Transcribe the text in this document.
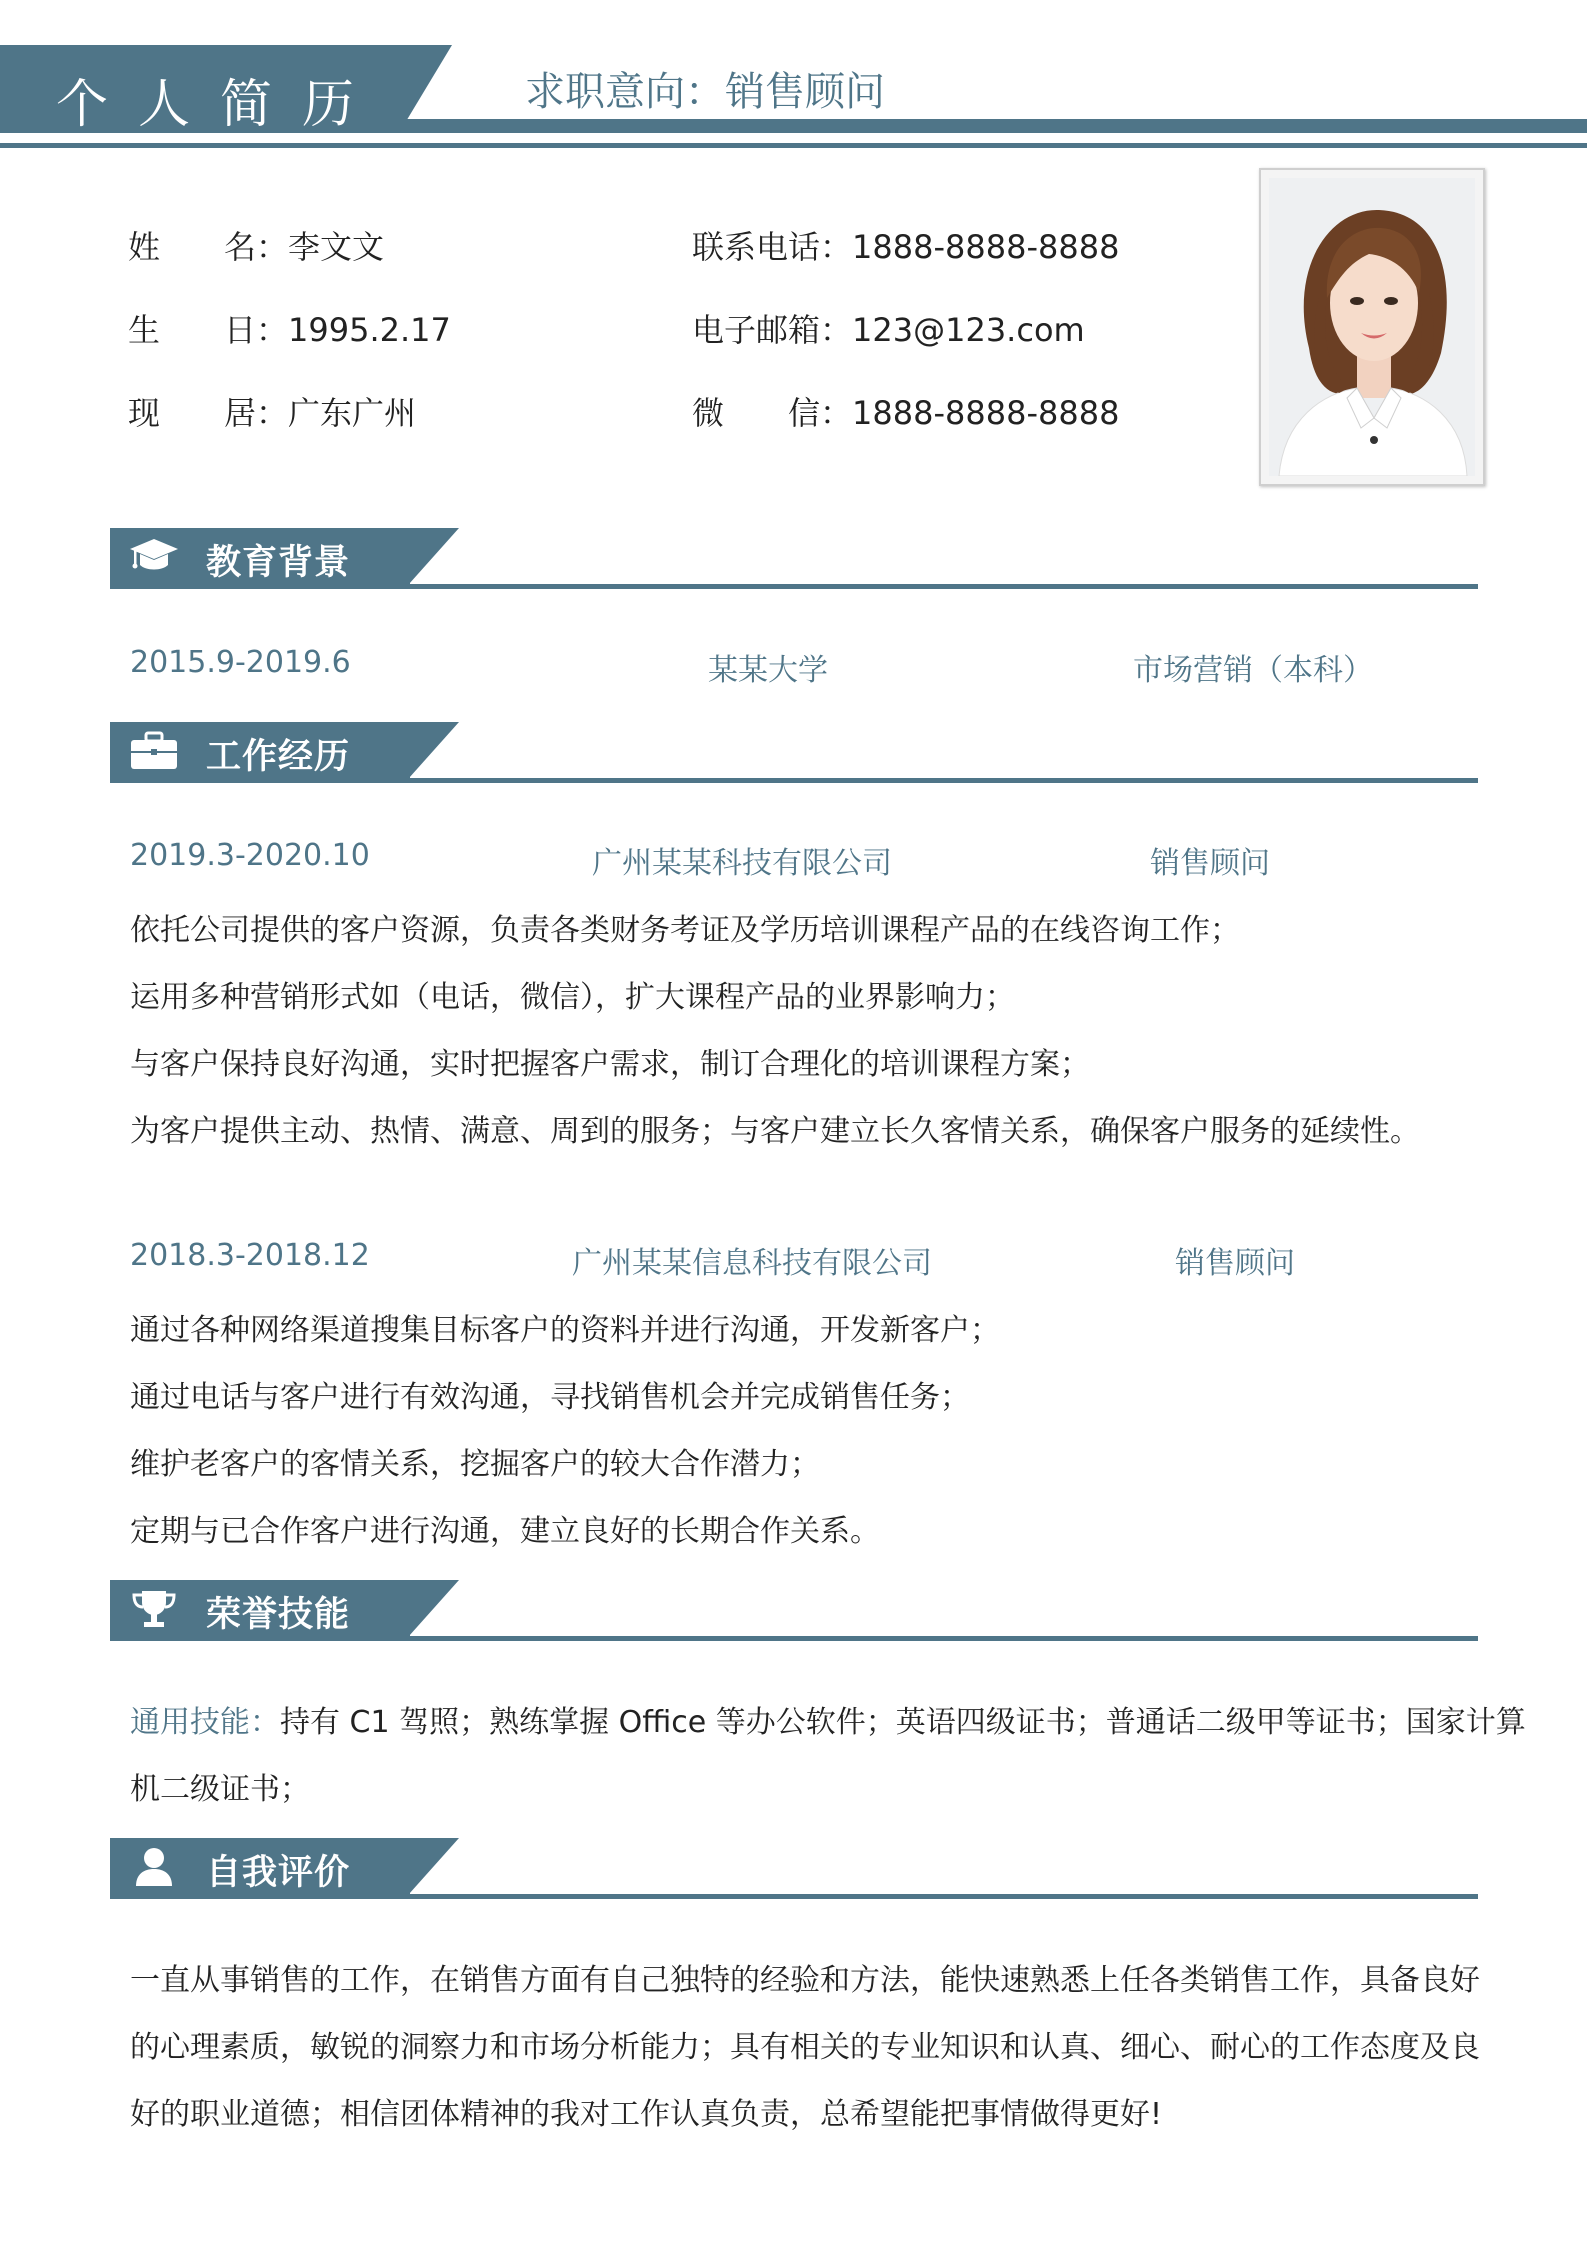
个人简历	求职意向：销售顾问
姓　　名：李文文
生　　日：1995.2.17
现　　居：广东广州
联系电话：1888-8888-8888
电子邮箱：123@123.com
微　　信：1888-8888-8888
教育背景
2015.9-2019.6	某某大学	市场营销（本科）
工作经历
2019.3-2020.10	广州某某科技有限公司	销售顾问
依托公司提供的客户资源，负责各类财务考证及学历培训课程产品的在线咨询工作；
运用多种营销形式如（电话，微信），扩大课程产品的业界影响力；
与客户保持良好沟通，实时把握客户需求，制订合理化的培训课程方案；
为客户提供主动、热情、满意、周到的服务；与客户建立长久客情关系，确保客户服务的延续性。
2018.3-2018.12	广州某某信息科技有限公司	销售顾问
通过各种网络渠道搜集目标客户的资料并进行沟通，开发新客户；
通过电话与客户进行有效沟通，寻找销售机会并完成销售任务；
维护老客户的客情关系，挖掘客户的较大合作潜力；
定期与已合作客户进行沟通，建立良好的长期合作关系。
荣誉技能
通用技能：持有 C1 驾照；熟练掌握 Office 等办公软件；英语四级证书；普通话二级甲等证书；国家计算
机二级证书；
自我评价
一直从事销售的工作，在销售方面有自己独特的经验和方法，能快速熟悉上任各类销售工作，具备良好
的心理素质，敏锐的洞察力和市场分析能力；具有相关的专业知识和认真、细心、耐心的工作态度及良
好的职业道德；相信团体精神的我对工作认真负责，总希望能把事情做得更好!
